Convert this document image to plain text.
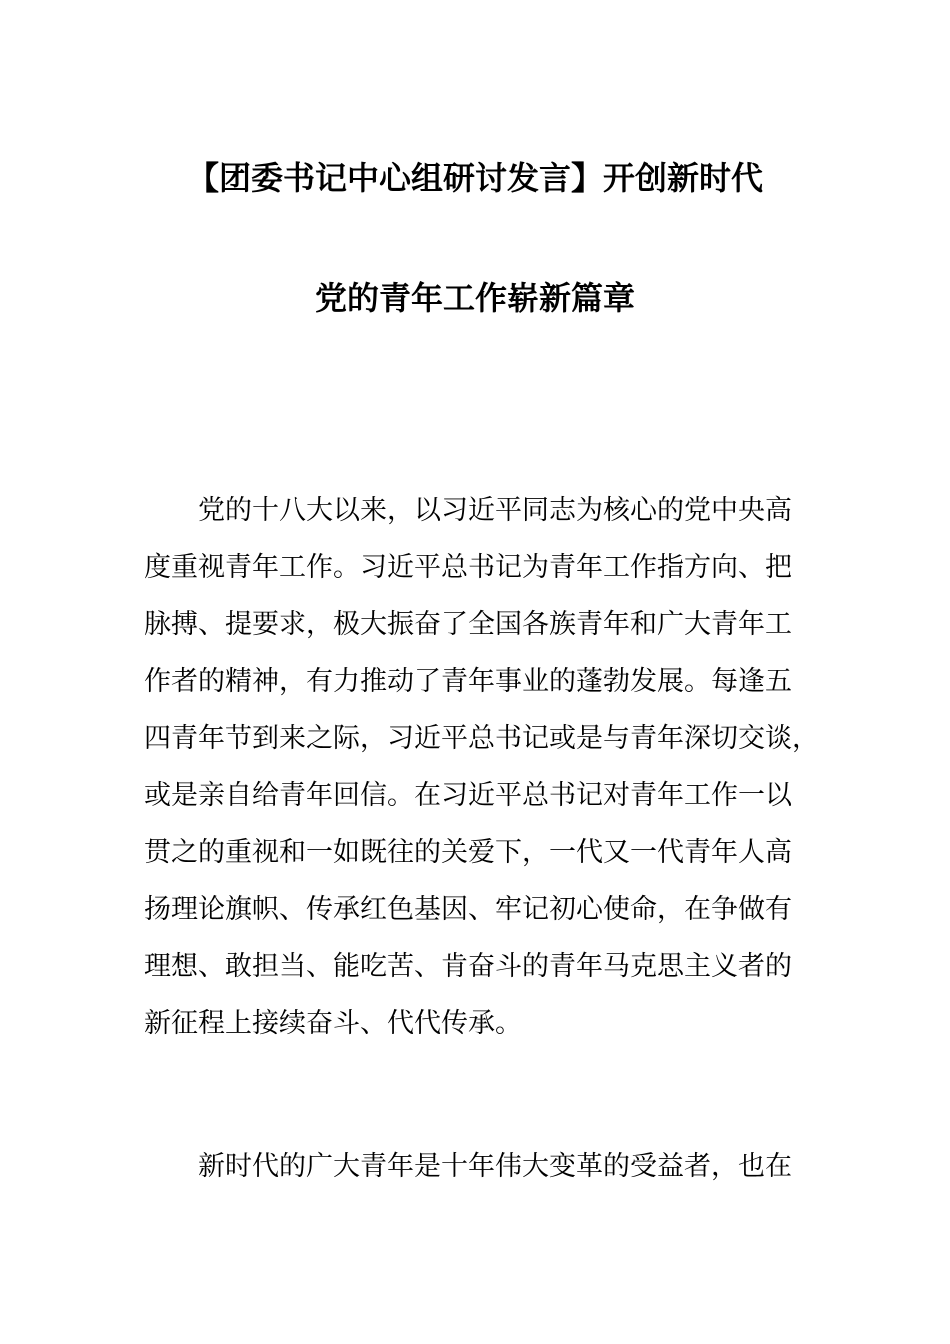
【团委书记中心组研讨发言】开创新时代
党的青年工作崭新篇章
党的十八大以来，以习近平同志为核心的党中央高
度重视青年工作。习近平总书记为青年工作指方向、把
脉搏、提要求，极大振奋了全国各族青年和广大青年工
作者的精神，有力推动了青年事业的蓬勃发展。每逢五
四青年节到来之际，习近平总书记或是与青年深切交谈，
或是亲自给青年回信。在习近平总书记对青年工作一以
贯之的重视和一如既往的关爱下，一代又一代青年人高
扬理论旗帜、传承红色基因、牢记初心使命，在争做有
理想、敢担当、能吃苦、肯奋斗的青年马克思主义者的
新征程上接续奋斗、代代传承。
新时代的广大青年是十年伟大变革的受益者，也在
